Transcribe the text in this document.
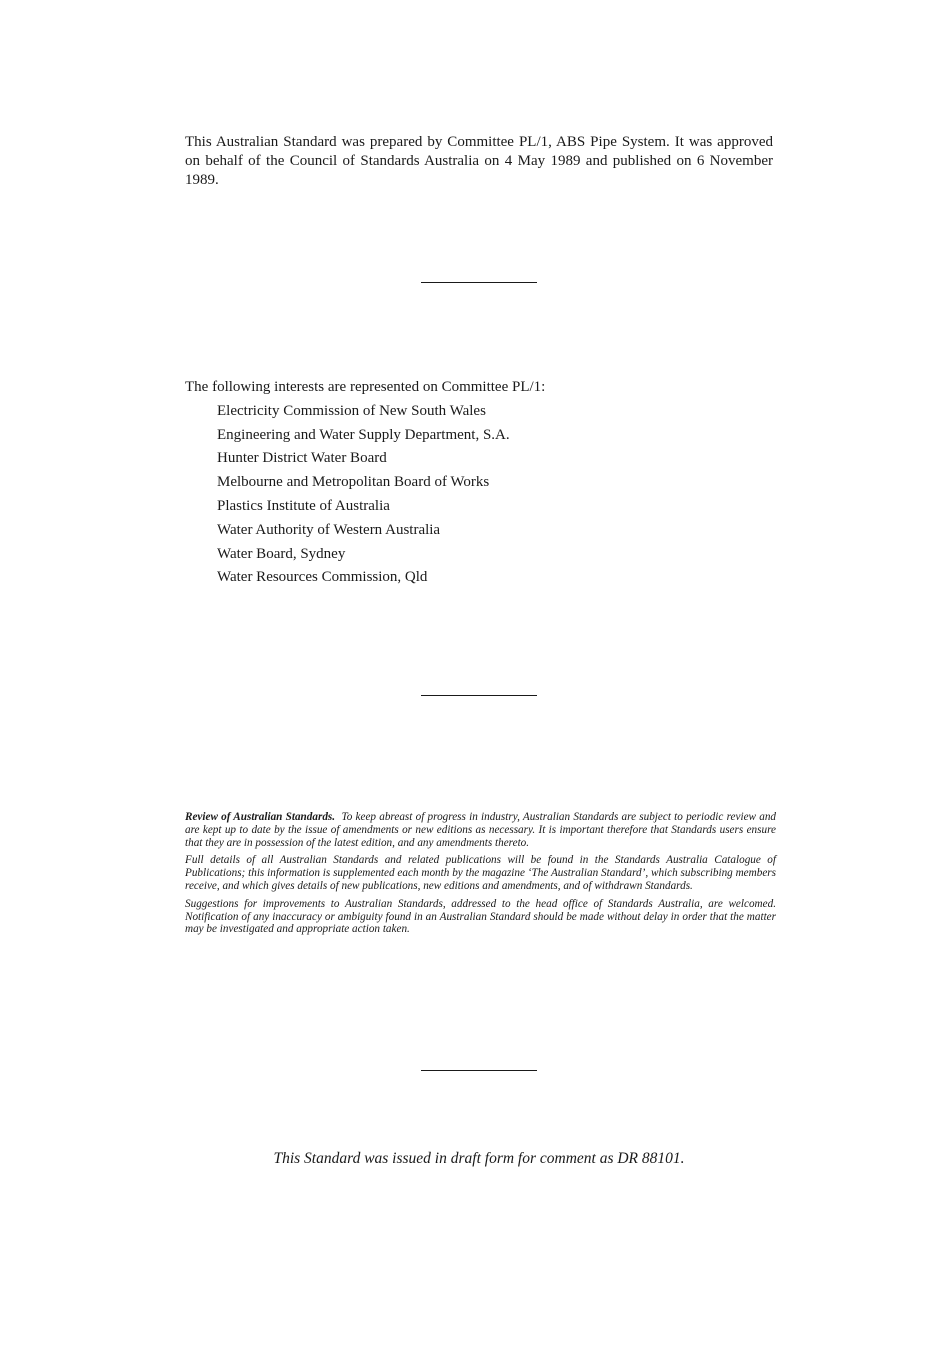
This Australian Standard was prepared by Committee PL/1, ABS Pipe System. It was approved on behalf of the Council of Standards Australia on 4 May 1989 and published on 6 November 1989.

The following interests are represented on Committee PL/1:

Electricity Commission of New South Wales
Engineering and Water Supply Department, S.A.
Hunter District Water Board
Melbourne and Metropolitan Board of Works
Plastics Institute of Australia
Water Authority of Western Australia
Water Board, Sydney
Water Resources Commission, Qld

Review of Australian Standards. To keep abreast of progress in industry, Australian Standards are subject to periodic review and are kept up to date by the issue of amendments or new editions as necessary. It is important therefore that Standards users ensure that they are in possession of the latest edition, and any amendments thereto.

Full details of all Australian Standards and related publications will be found in the Standards Australia Catalogue of Publications; this information is supplemented each month by the magazine ‘The Australian Standard’, which subscribing members receive, and which gives details of new publications, new editions and amendments, and of withdrawn Standards.

Suggestions for improvements to Australian Standards, addressed to the head office of Standards Australia, are welcomed. Notification of any inaccuracy or ambiguity found in an Australian Standard should be made without delay in order that the matter may be investigated and appropriate action taken.

This Standard was issued in draft form for comment as DR 88101.
